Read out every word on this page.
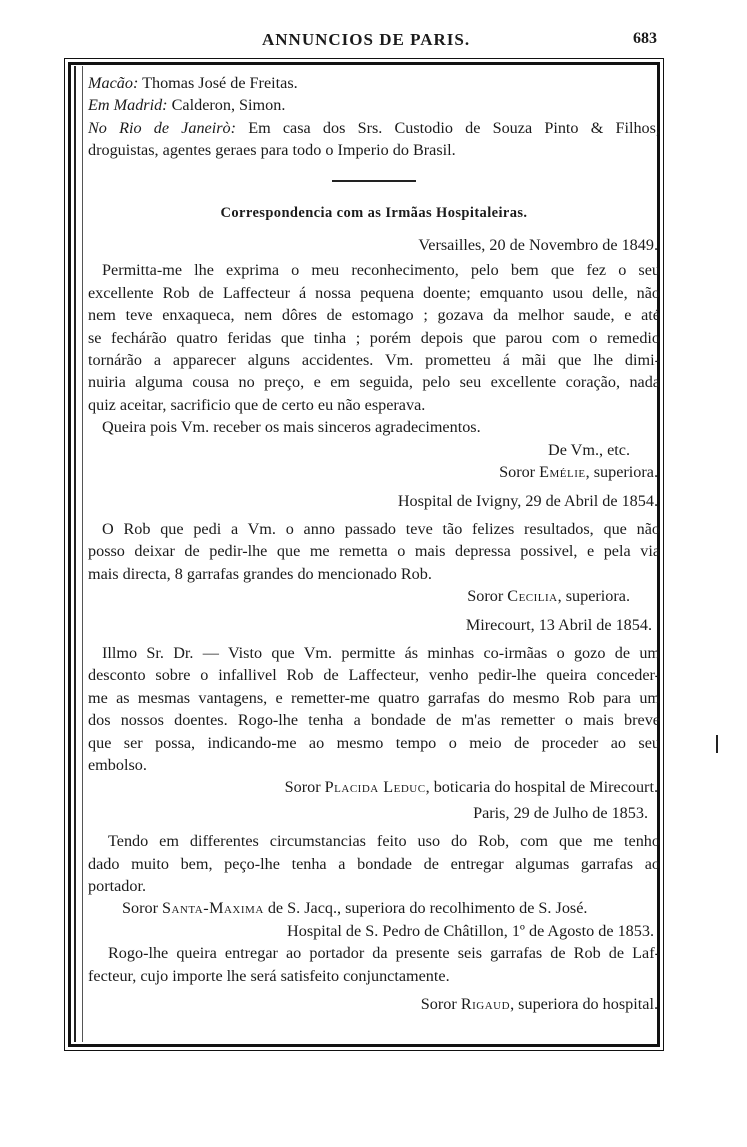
ANNUNCIOS DE PARIS.	683
Macão: Thomas José de Freitas.
Em Madrid: Calderon, Simon.
No Rio de Janeirò: Em casa dos Srs. Custodio de Souza Pinto & Filhos,
droguistas, agentes geraes para todo o Imperio do Brasil.
Correspondencia com as Irmãas Hospitaleiras.
Versailles, 20 de Novembro de 1849.
Permitta-me lhe exprima o meu reconhecimento, pelo bem que fez o seu
excellente Rob de Laffecteur á nossa pequena doente; emquanto usou delle, não
nem teve enxaqueca, nem dôres de estomago ; gozava da melhor saude, e até
se fechárão quatro feridas que tinha ; porém depois que parou com o remedio
tornárão a apparecer alguns accidentes. Vm. prometteu á mãi que lhe dimi-
nuiria alguma cousa no preço, e em seguida, pelo seu excellente coração, nada
quiz aceitar, sacrificio que de certo eu não esperava.
Queira pois Vm. receber os mais sinceros agradecimentos.
De Vm., etc.
Soror Emélie, superiora.
Hospital de Ivigny, 29 de Abril de 1854.
O Rob que pedi a Vm. o anno passado teve tão felizes resultados, que não
posso deixar de pedir-lhe que me remetta o mais depressa possivel, e pela via
mais directa, 8 garrafas grandes do mencionado Rob.
Soror Cecilia, superiora.
Mirecourt, 13 Abril de 1854.
Illmo Sr. Dr. — Visto que Vm. permitte ás minhas co-irmãas o gozo de um
desconto sobre o infallivel Rob de Laffecteur, venho pedir-lhe queira conceder-
me as mesmas vantagens, e remetter-me quatro garrafas do mesmo Rob para um
dos nossos doentes. Rogo-lhe tenha a bondade de m'as remetter o mais breve
que ser possa, indicando-me ao mesmo tempo o meio de proceder ao seu
embolso.
Soror Placida Leduc, boticaria do hospital de Mirecourt.
Paris, 29 de Julho de 1853.
Tendo em differentes circumstancias feito uso do Rob, com que me tenho
dado muito bem, peço-lhe tenha a bondade de entregar algumas garrafas ao
portador.
Soror Santa-Maxima de S. Jacq., superiora do recolhimento de S. José.
Hospital de S. Pedro de Châtillon, 1º de Agosto de 1853.
Rogo-lhe queira entregar ao portador da presente seis garrafas de Rob de Laf-
fecteur, cujo importe lhe será satisfeito conjunctamente.
Soror Rigaud, superiora do hospital.
